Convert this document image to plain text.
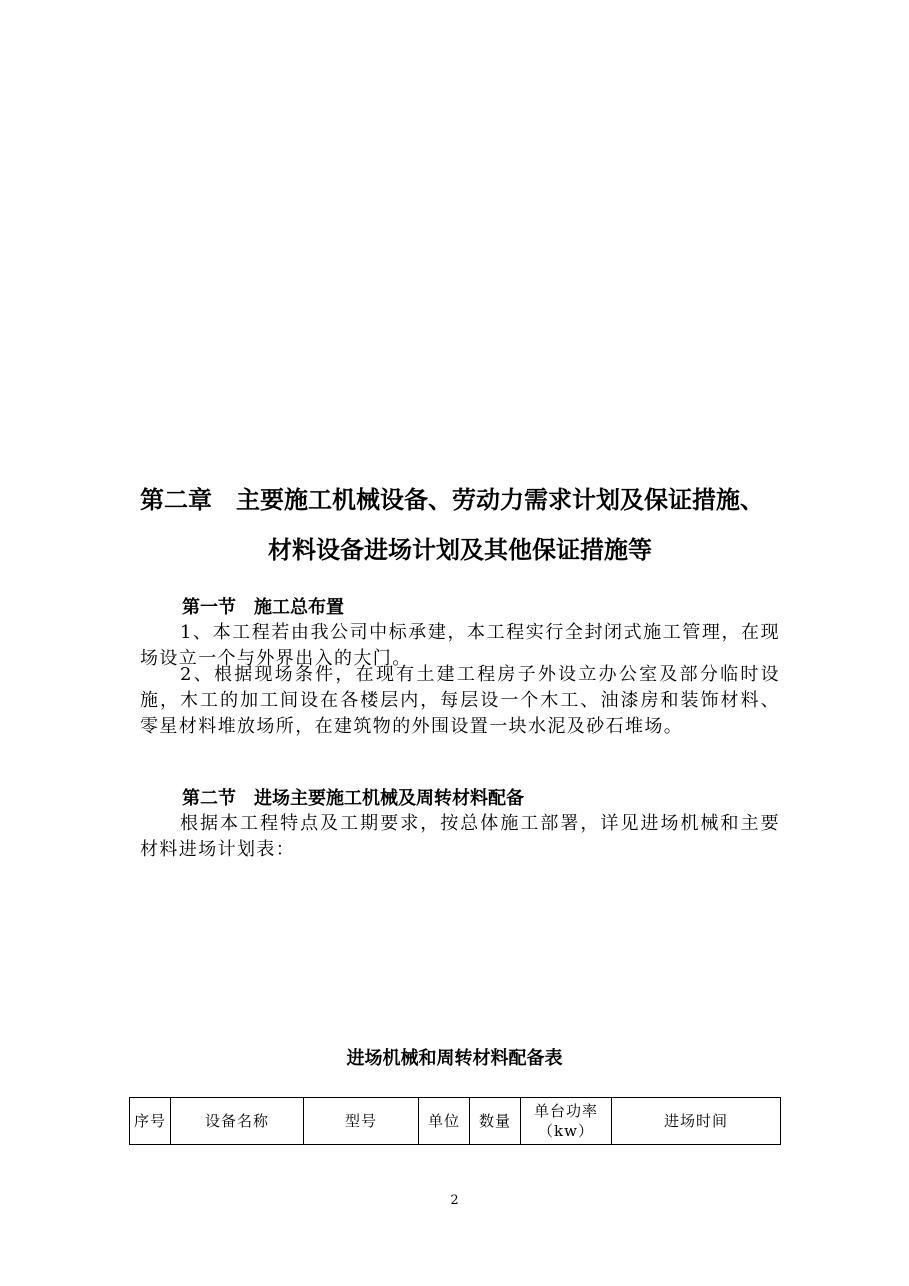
第二章　主要施工机械设备、劳动力需求计划及保证措施、
材料设备进场计划及其他保证措施等
第一节　施工总布置

1、本工程若由我公司中标承建，本工程实行全封闭式施工管理，在现场设立一个与外界出入的大门。

2、根据现场条件，在现有土建工程房子外设立办公室及部分临时设施，木工的加工间设在各楼层内，每层设一个木工、油漆房和装饰材料、零星材料堆放场所，在建筑物的外围设置一块水泥及砂石堆场。

第二节　进场主要施工机械及周转材料配备

根据本工程特点及工期要求，按总体施工部署，详见进场机械和主要材料进场计划表：

进场机械和周转材料配备表
序号	设备名称	型号	单位	数量	单台功率（kw）	进场时间
2
